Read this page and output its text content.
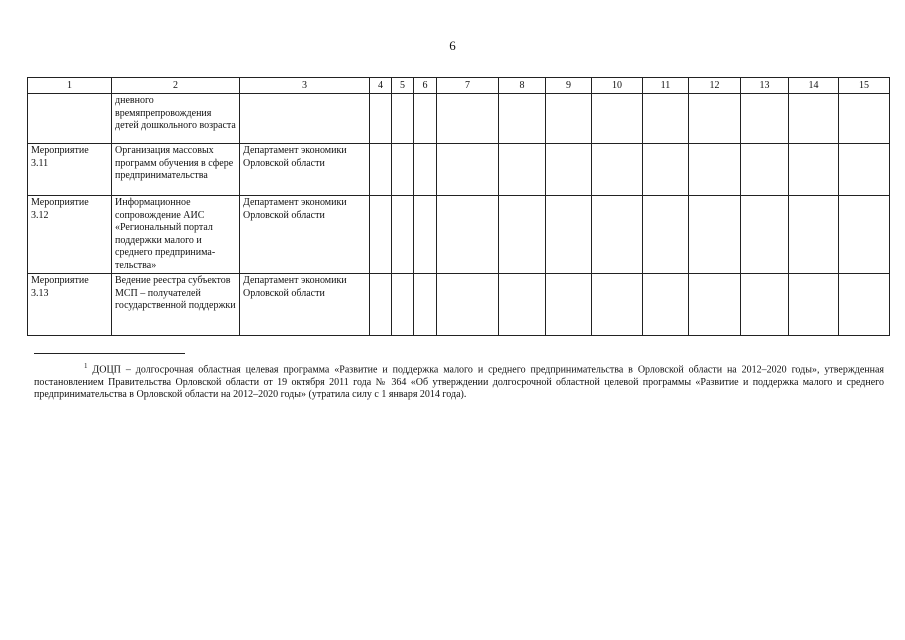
6
1	2	3	4	5	6	7	8	9	10	11	12	13	14	15
	дневного времяпрепровождения детей дошкольного возраста													
Мероприятие 3.11	Организация массовых программ обучения в сфере предпринимательства	Департамент экономики Орловской области												
Мероприятие 3.12	Информационное сопровождение АИС «Региональный портал поддержки малого и среднего предпринима-тельства»	Департамент экономики Орловской области												
Мероприятие 3.13	Ведение реестра субъектов МСП – получателей государственной поддержки	Департамент экономики Орловской области												
$^1$ ДОЦП – долгосрочная областная целевая программа «Развитие и поддержка малого и среднего предпринимательства в Орловской области на 2012–2020 годы», утвержденная постановлением Правительства Орловской области от 19 октября 2011 года № 364 «Об утверждении долгосрочной областной целевой программы «Развитие и поддержка малого и среднего предпринимательства в Орловской области на 2012–2020 годы» (утратила силу с 1 января 2014 года).
